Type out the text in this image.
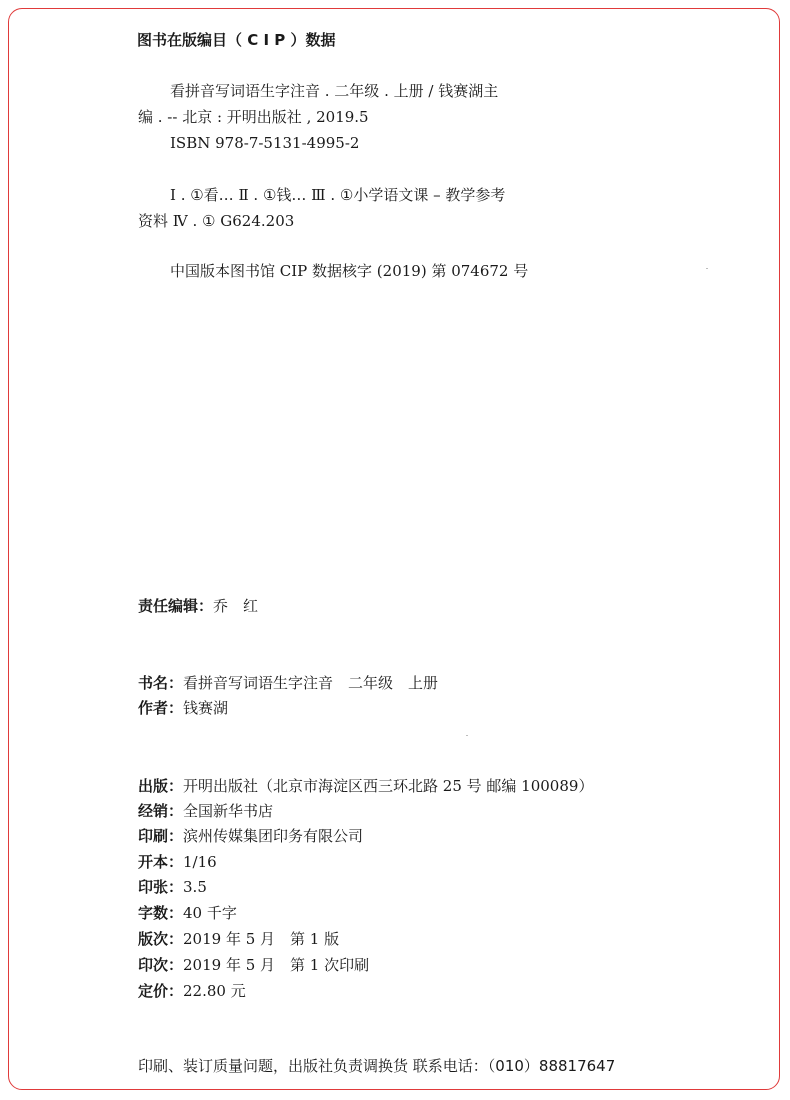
图书在版编目（ C I P ）数据
看拼音写词语生字注音 . 二年级 . 上册 / 钱赛湖主
编 . -- 北京 : 开明出版社 , 2019.5
ISBN 978-7-5131-4995-2
Ⅰ . ①看… Ⅱ . ①钱… Ⅲ . ①小学语文课 – 教学参考
资料 Ⅳ . ① G624.203
中国版本图书馆 CIP 数据核字 (2019) 第 074672 号
责任编辑：乔　红
书名：看拼音写词语生字注音　二年级　上册
作者：钱赛湖
出版：开明出版社（北京市海淀区西三环北路 25 号 邮编 100089）
经销：全国新华书店
印刷：滨州传媒集团印务有限公司
开本：1/16
印张：3.5
字数：40 千字
版次：2019 年 5 月　第 1 版
印次：2019 年 5 月　第 1 次印刷
定价：22.80 元
印刷、装订质量问题，出版社负责调换货 联系电话：（010）88817647
